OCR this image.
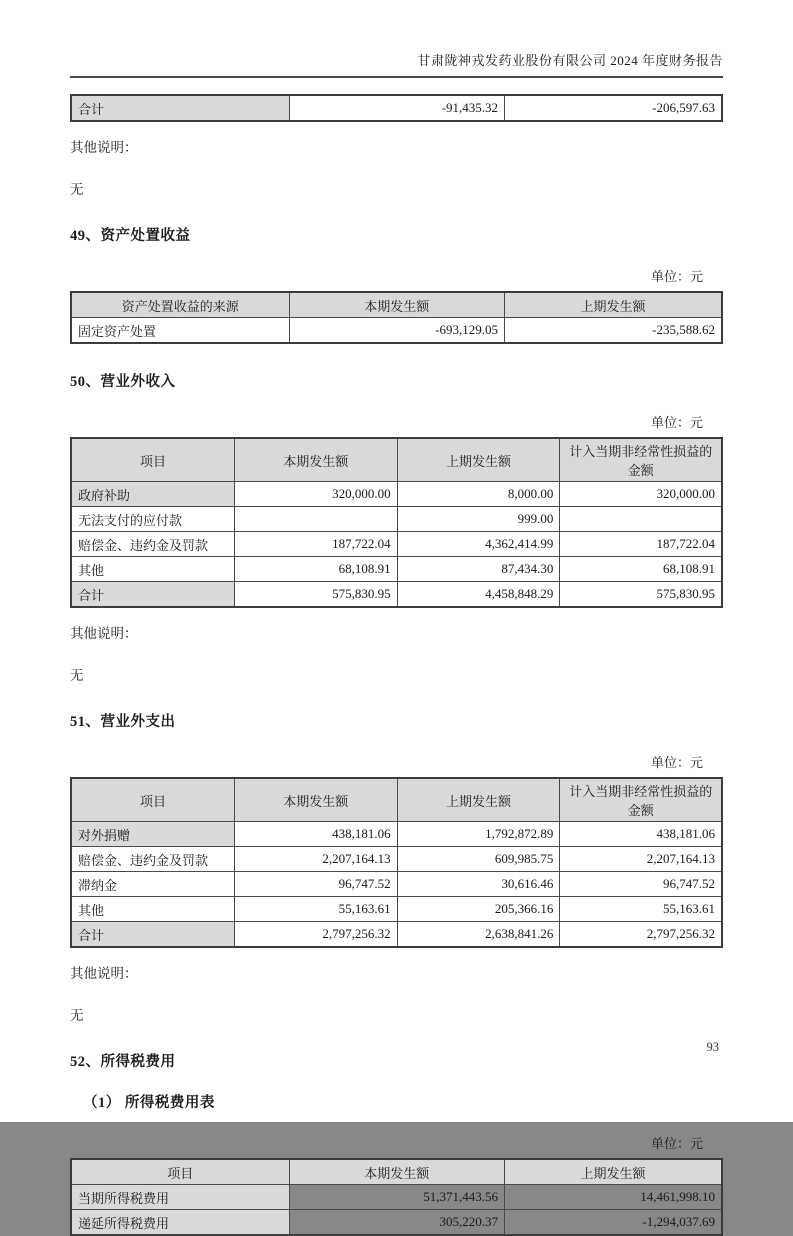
甘肃陇神戎发药业股份有限公司 2024 年度财务报告
合计	-91,435.32	-206,597.63
其他说明：
无
49、资产处置收益
单位：元
资产处置收益的来源	本期发生额	上期发生额
固定资产处置	-693,129.05	-235,588.62
50、营业外收入
单位：元
项目	本期发生额	上期发生额	计入当期非经常性损益的金额
政府补助	320,000.00	8,000.00	320,000.00
无法支付的应付款		999.00	
赔偿金、违约金及罚款	187,722.04	4,362,414.99	187,722.04
其他	68,108.91	87,434.30	68,108.91
合计	575,830.95	4,458,848.29	575,830.95
其他说明：
无
51、营业外支出
单位：元
项目	本期发生额	上期发生额	计入当期非经常性损益的金额
对外捐赠	438,181.06	1,792,872.89	438,181.06
赔偿金、违约金及罚款	2,207,164.13	609,985.75	2,207,164.13
滞纳金	96,747.52	30,616.46	96,747.52
其他	55,163.61	205,366.16	55,163.61
合计	2,797,256.32	2,638,841.26	2,797,256.32
其他说明：
无
52、所得税费用
（1） 所得税费用表
单位：元
项目	本期发生额	上期发生额
当期所得税费用	51,371,443.56	14,461,998.10
递延所得税费用	305,220.37	-1,294,037.69
93
